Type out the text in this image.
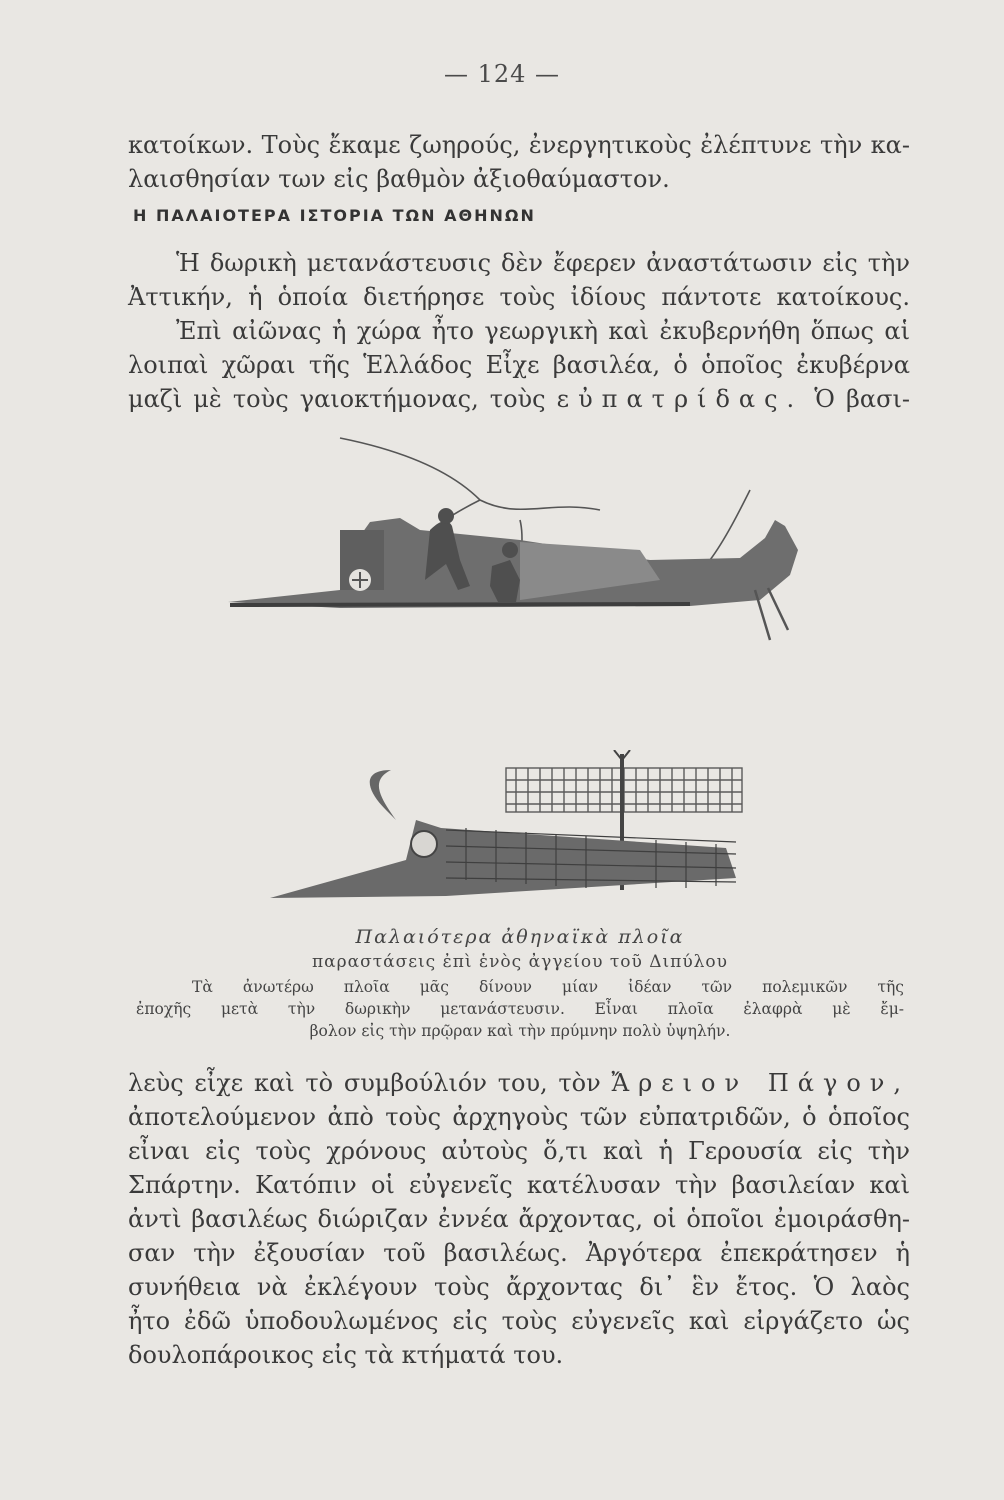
— 124 —
κατοίκων. Τοὺς ἔκαμε ζωηρούς, ἐνεργητικοὺς ἐλέπτυνε τὴν κα-
λαισθησίαν των εἰς βαθμὸν ἀξιοθαύμαστον.
Η ΠΑΛΑΙΟΤΕΡΑ ΙΣΤΟΡΙΑ ΤΩΝ ΑΘΗΝΩΝ
Ἡ δωρικὴ μετανάστευσις δὲν ἔφερεν ἀναστάτωσιν εἰς τὴν
Ἀττικήν, ἡ ὁποία διετήρησε τοὺς ἰδίους πάντοτε κατοίκους.
Ἐπὶ αἰῶνας ἡ χώρα ἦτο γεωργικὴ καὶ ἐκυβερνήθη ὅπως αἱ
λοιπαὶ χῶραι τῆς Ἑλλάδος Εἶχε βασιλέα, ὁ ὁποῖος ἐκυβέρνα
μαζὶ μὲ τοὺς γαιοκτήμονας, τοὺς εὐπατρίδας. Ὁ βασι-
Παλαιότερα ἀθηναϊκὰ πλοῖα
παραστάσεις ἐπὶ ἑνὸς ἀγγείου τοῦ Διπύλου
Τὰ ἀνωτέρω πλοῖα μᾶς δίνουν μίαν ἰδέαν τῶν πολεμικῶν τῆς
ἐποχῆς μετὰ τὴν δωρικὴν μετανάστευσιν. Εἶναι πλοῖα ἐλαφρὰ μὲ ἔμ-
βολον εἰς τὴν πρῷραν καὶ τὴν πρύμνην πολὺ ὑψηλήν.
λεὺς εἶχε καὶ τὸ συμβούλιόν του, τὸν Ἄρειον Πάγον,
ἀποτελούμενον ἀπὸ τοὺς ἀρχηγοὺς τῶν εὐπατριδῶν, ὁ ὁποῖος
εἶναι εἰς τοὺς χρόνους αὐτοὺς ὅ,τι καὶ ἡ Γερουσία εἰς τὴν
Σπάρτην. Κατόπιν οἱ εὐγενεῖς κατέλυσαν τὴν βασιλείαν καὶ
ἀντὶ βασιλέως διώριζαν ἐννέα ἄρχοντας, οἱ ὁποῖοι ἐμοιράσθη-
σαν τὴν ἐξουσίαν τοῦ βασιλέως. Ἀργότερα ἐπεκράτησεν ἡ
συνήθεια νὰ ἐκλέγουν τοὺς ἄρχοντας δι᾿ ἓν ἔτος. Ὁ λαὸς
ἦτο ἐδῶ ὑποδουλωμένος εἰς τοὺς εὐγενεῖς καὶ εἰργάζετο ὡς
δουλοπάροικος εἰς τὰ κτήματά του.
